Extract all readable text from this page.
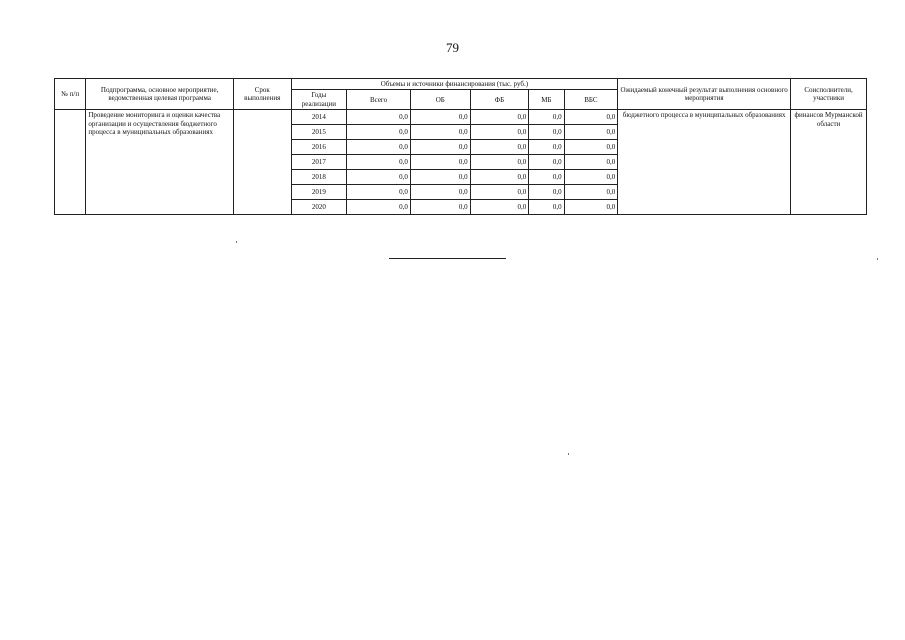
79
№ п/п	Подпрограмма, основное мероприятие, ведомственная целевая программа	Срок выполнения	Объемы и источники финансирования (тыс. руб.)						Ожидаемый конечный результат выполнения основного мероприятия	Соисполнители, участники
			Годы реализации	Всего	ОБ	ФБ	МБ	ВБС		
	Проведение мониторинга и оценки качества организации и осуществления бюджетного процесса в муниципальных образованиях		2014	0,0	0,0	0,0	0,0	0,0	бюджетного процесса в муниципальных образованиях	финансов Мурманской области
			2015	0,0	0,0	0,0	0,0	0,0		
			2016	0,0	0,0	0,0	0,0	0,0		
			2017	0,0	0,0	0,0	0,0	0,0		
			2018	0,0	0,0	0,0	0,0	0,0		
			2019	0,0	0,0	0,0	0,0	0,0		
			2020	0,0	0,0	0,0	0,0	0,0		
